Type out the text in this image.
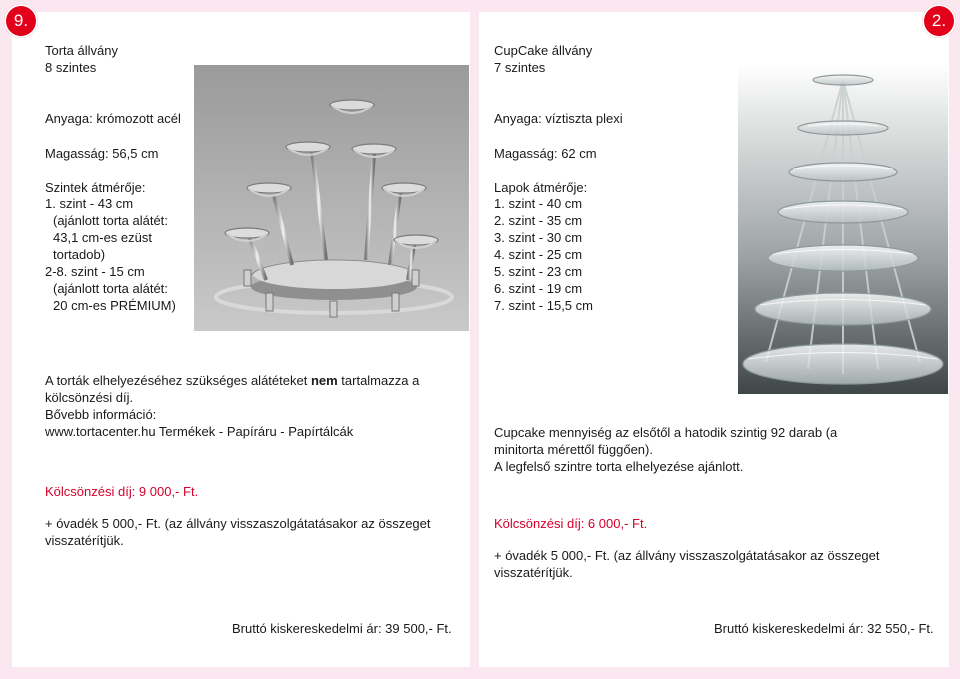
9.
Torta állvány
8 szintes
Anyaga: krómozott acél
Magasság: 56,5 cm
Szintek átmérője:
1. szint - 43 cm
(ajánlott torta alátét:
43,1 cm-es ezüst
tortadob)
2-8. szint - 15 cm
(ajánlott torta alátét:
20 cm-es PRÉMIUM)
A torták elhelyezéséhez szükséges alátéteket nem tartalmazza a
kölcsönzési díj.
Bővebb információ:
www.tortacenter.hu Termékek - Papíráru - Papírtálcák
Kölcsönzési díj: 9 000,- Ft.
+ óvadék 5 000,- Ft. (az állvány visszaszolgátatásakor az összeget
visszatérítjük.
Bruttó kiskereskedelmi ár: 39 500,- Ft.
2.
CupCake állvány
7 szintes
Anyaga: víztiszta plexi
Magasság: 62 cm
Lapok átmérője:
1. szint - 40 cm
2. szint - 35 cm
3. szint - 30 cm
4. szint - 25 cm
5. szint - 23 cm
6. szint - 19 cm
7. szint - 15,5 cm
Cupcake mennyiség az elsőtől a hatodik szintig 92 darab (a
minitorta mérettől függően).
A legfelső szintre torta elhelyezése ajánlott.
Kölcsönzési díj: 6 000,- Ft.
+ óvadék 5 000,- Ft. (az állvány visszaszolgátatásakor az összeget
visszatérítjük.
Bruttó kiskereskedelmi ár: 32 550,- Ft.
